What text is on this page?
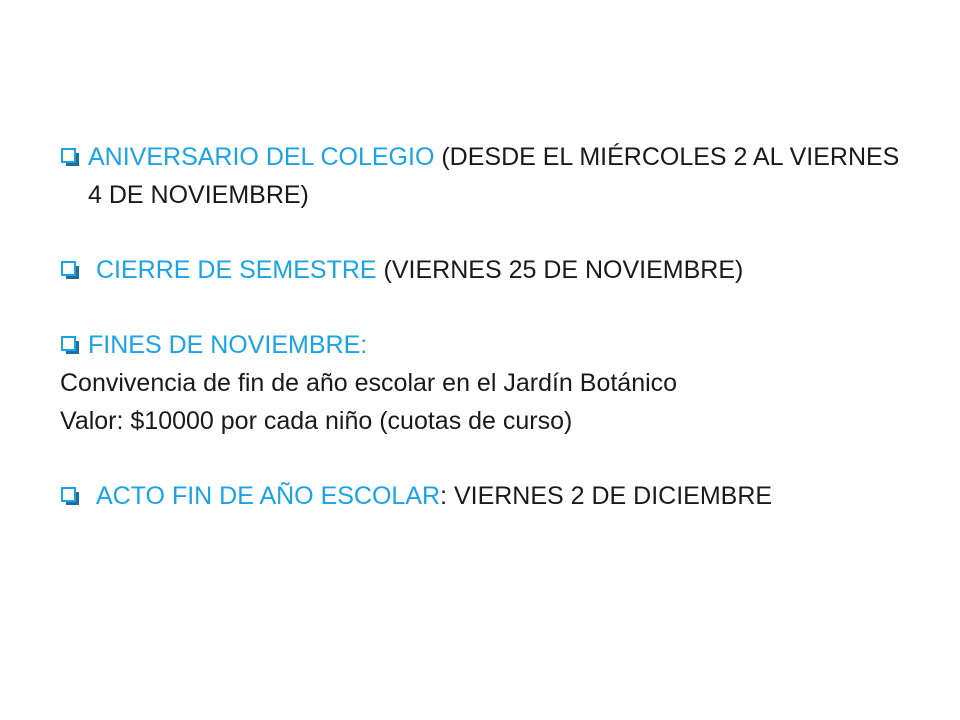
ANIVERSARIO DEL COLEGIO (DESDE EL MIÉRCOLES 2 AL VIERNES 4 DE NOVIEMBRE)
CIERRE DE SEMESTRE (VIERNES 25 DE NOVIEMBRE)
FINES DE NOVIEMBRE:

Convivencia de fin de año escolar en el Jardín Botánico

Valor: $10000 por cada niño (cuotas de curso)

ACTO FIN DE AÑO ESCOLAR: VIERNES 2 DE DICIEMBRE
